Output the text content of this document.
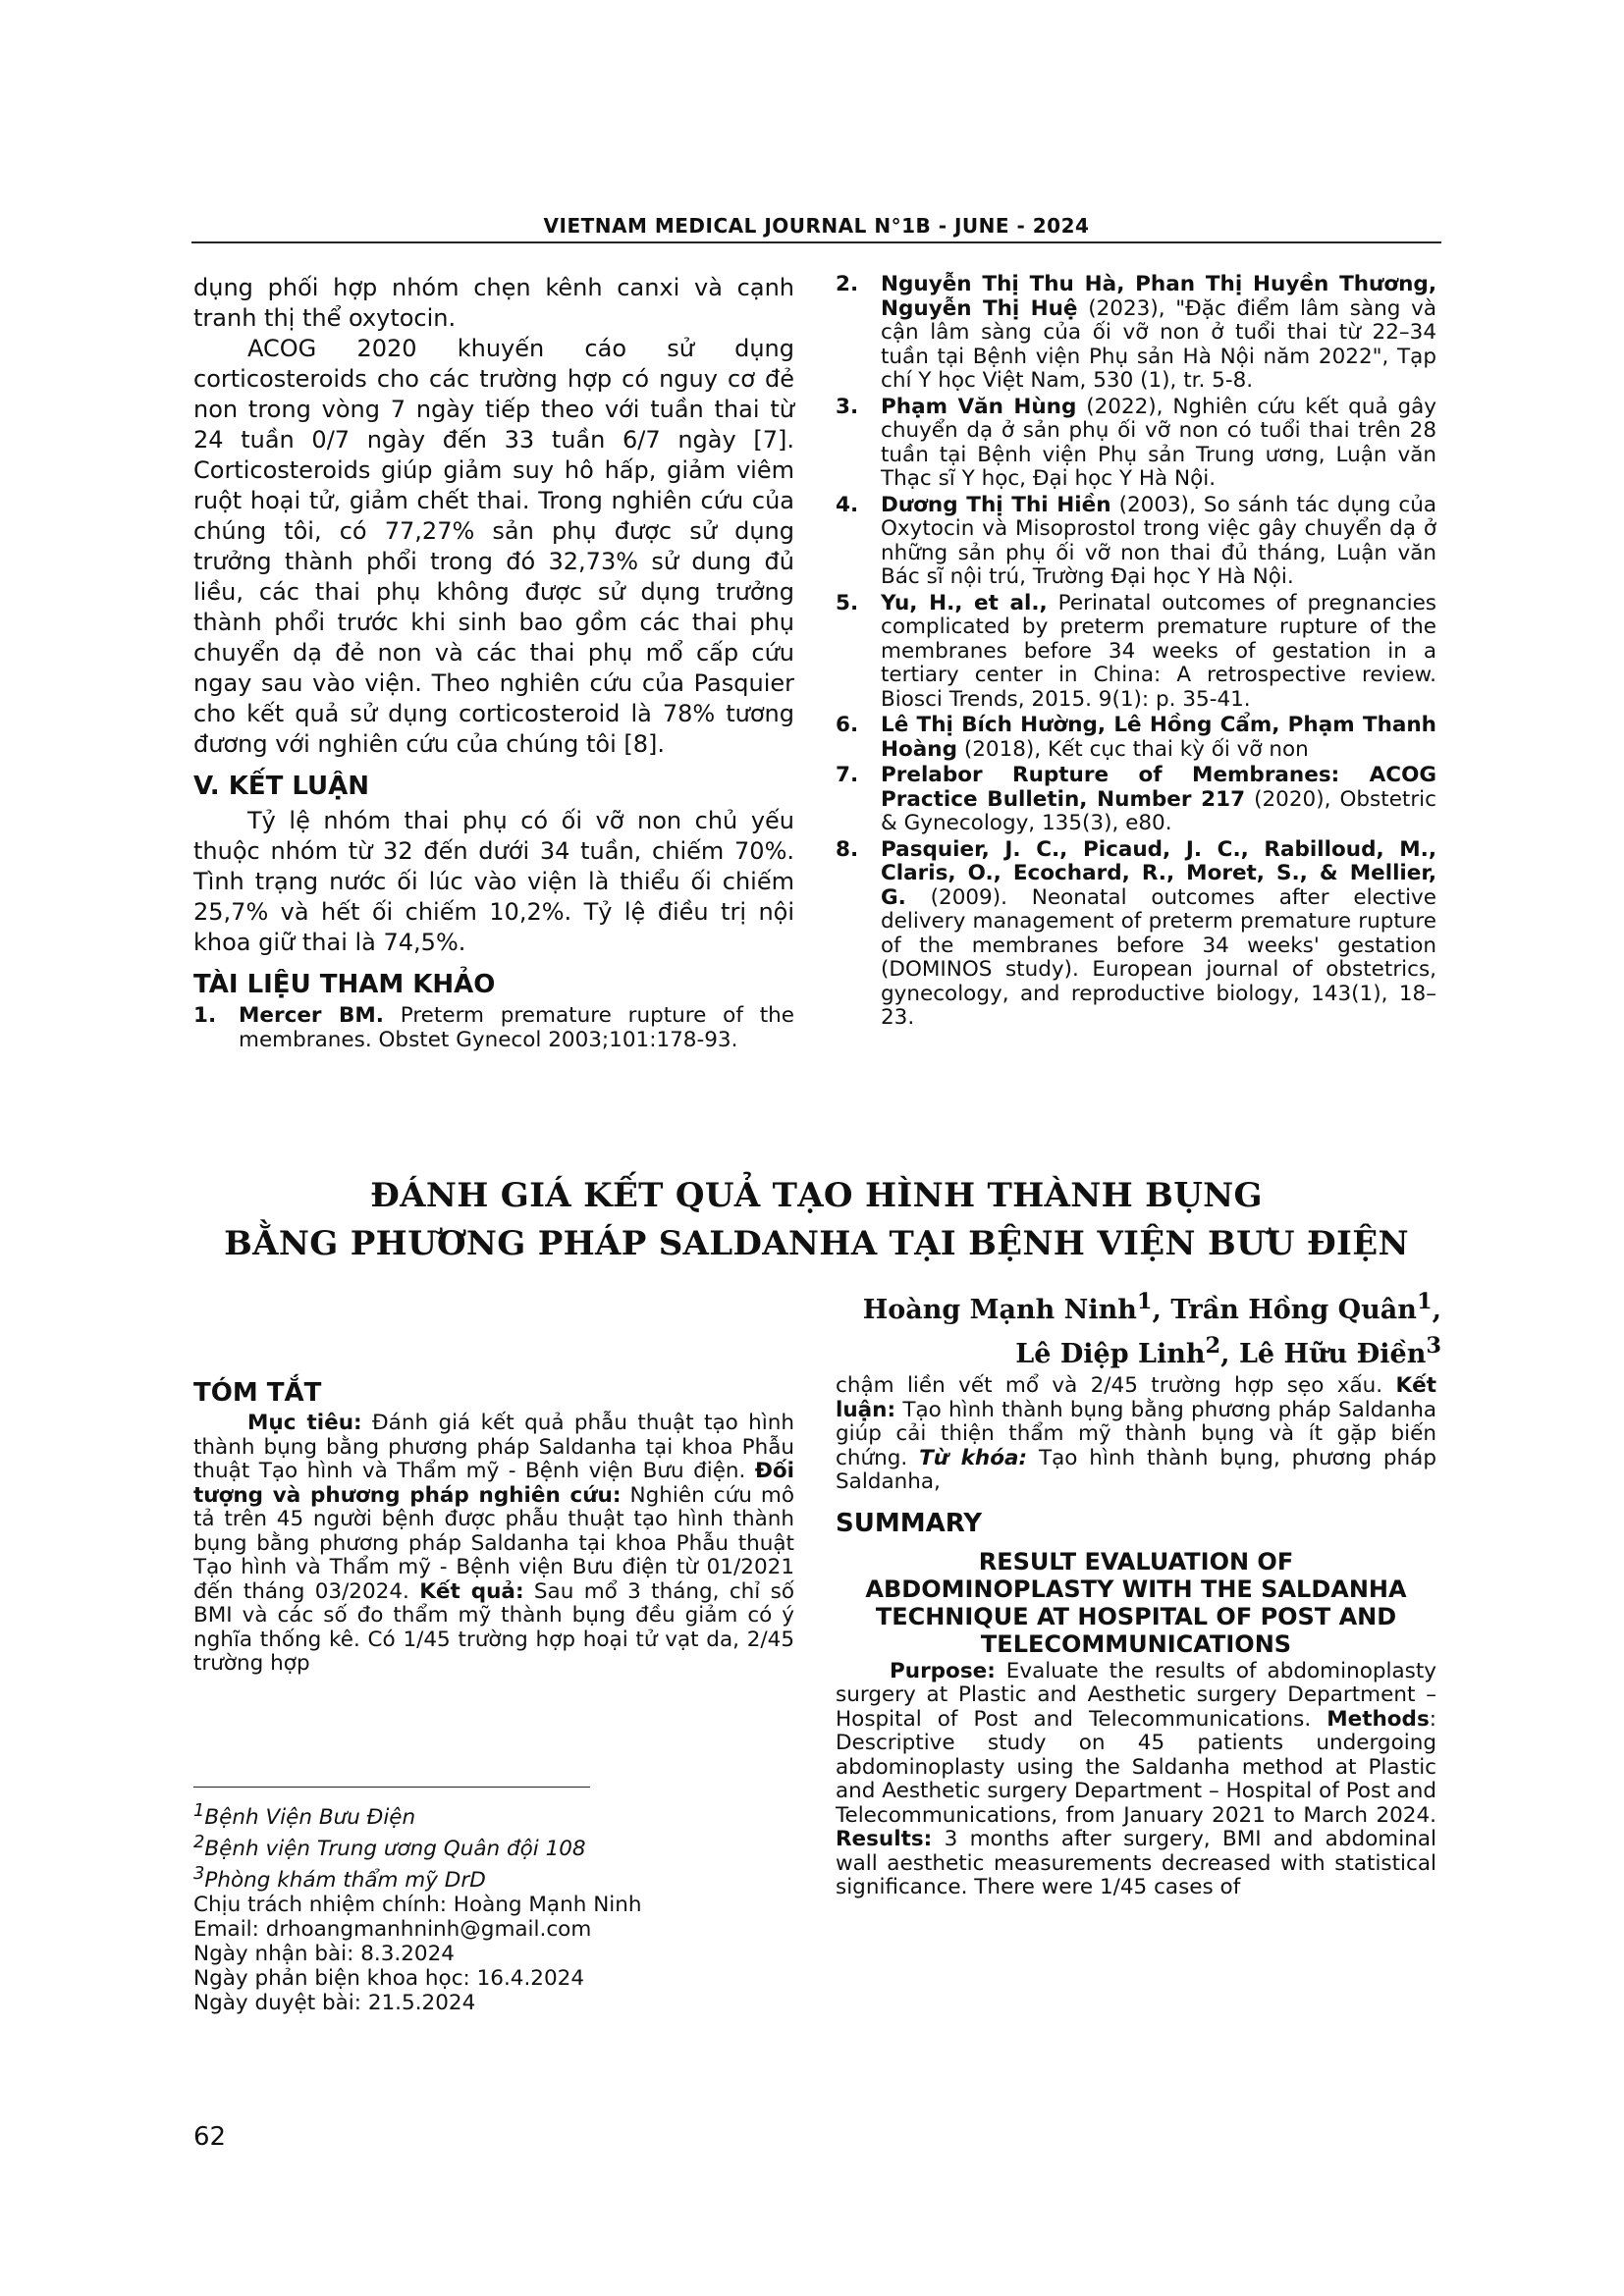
VIETNAM MEDICAL JOURNAL N°1B - JUNE - 2024

dụng phối hợp nhóm chẹn kênh canxi và cạnh tranh thị thể oxytocin.

ACOG 2020 khuyến cáo sử dụng corticosteroids cho các trường hợp có nguy cơ đẻ non trong vòng 7 ngày tiếp theo với tuần thai từ 24 tuần 0/7 ngày đến 33 tuần 6/7 ngày [7]. Corticosteroids giúp giảm suy hô hấp, giảm viêm ruột hoại tử, giảm chết thai. Trong nghiên cứu của chúng tôi, có 77,27% sản phụ được sử dụng trưởng thành phổi trong đó 32,73% sử dung đủ liều, các thai phụ không được sử dụng trưởng thành phổi trước khi sinh bao gồm các thai phụ chuyển dạ đẻ non và các thai phụ mổ cấp cứu ngay sau vào viện. Theo nghiên cứu của Pasquier cho kết quả sử dụng corticosteroid là 78% tương đương với nghiên cứu của chúng tôi [8].

V. KẾT LUẬN

Tỷ lệ nhóm thai phụ có ối vỡ non chủ yếu thuộc nhóm từ 32 đến dưới 34 tuần, chiếm 70%. Tình trạng nước ối lúc vào viện là thiểu ối chiếm 25,7% và hết ối chiếm 10,2%. Tỷ lệ điều trị nội khoa giữ thai là 74,5%.

TÀI LIỆU THAM KHẢO

1.	Mercer BM. Preterm premature rupture of the membranes. Obstet Gynecol 2003;101:178-93.
2.	Nguyễn Thị Thu Hà, Phan Thị Huyền Thương, Nguyễn Thị Huệ (2023), "Đặc điểm lâm sàng và cận lâm sàng của ối vỡ non ở tuổi thai từ 22–34 tuần tại Bệnh viện Phụ sản Hà Nội năm 2022", Tạp chí Y học Việt Nam, 530 (1), tr. 5-8.
3.	Phạm Văn Hùng (2022), Nghiên cứu kết quả gây chuyển dạ ở sản phụ ối vỡ non có tuổi thai trên 28 tuần tại Bệnh viện Phụ sản Trung ương, Luận văn Thạc sĩ Y học, Đại học Y Hà Nội.
4.	Dương Thị Thi Hiền (2003), So sánh tác dụng của Oxytocin và Misoprostol trong việc gây chuyển dạ ở những sản phụ ối vỡ non thai đủ tháng, Luận văn Bác sĩ nội trú, Trường Đại học Y Hà Nội.
5.	Yu, H., et al., Perinatal outcomes of pregnancies complicated by preterm premature rupture of the membranes before 34 weeks of gestation in a tertiary center in China: A retrospective review. Biosci Trends, 2015. 9(1): p. 35-41.
6.	Lê Thị Bích Hường, Lê Hồng Cẩm, Phạm Thanh Hoàng (2018), Kết cục thai kỳ ối vỡ non
7.	Prelabor Rupture of Membranes: ACOG Practice Bulletin, Number 217 (2020), Obstetric & Gynecology, 135(3), e80.
8.	Pasquier, J. C., Picaud, J. C., Rabilloud, M., Claris, O., Ecochard, R., Moret, S., & Mellier, G. (2009). Neonatal outcomes after elective delivery management of preterm premature rupture of the membranes before 34 weeks' gestation (DOMINOS study). European journal of obstetrics, gynecology, and reproductive biology, 143(1), 18–23.
ĐÁNH GIÁ KẾT QUẢ TẠO HÌNH THÀNH BỤNG
BẰNG PHƯƠNG PHÁP SALDANHA TẠI BỆNH VIỆN BƯU ĐIỆN
Hoàng Mạnh Ninh$^1$, Trần Hồng Quân$^1$,
Lê Diệp Linh$^2$, Lê Hữu Điền$^3$

TÓM TẮT

Mục tiêu: Đánh giá kết quả phẫu thuật tạo hình thành bụng bằng phương pháp Saldanha tại khoa Phẫu thuật Tạo hình và Thẩm mỹ - Bệnh viện Bưu điện. Đối tượng và phương pháp nghiên cứu: Nghiên cứu mô tả trên 45 người bệnh được phẫu thuật tạo hình thành bụng bằng phương pháp Saldanha tại khoa Phẫu thuật Tạo hình và Thẩm mỹ - Bệnh viện Bưu điện từ 01/2021 đến tháng 03/2024. Kết quả: Sau mổ 3 tháng, chỉ số BMI và các số đo thẩm mỹ thành bụng đều giảm có ý nghĩa thống kê. Có 1/45 trường hợp hoại tử vạt da, 2/45 trường hợp

chậm liền vết mổ và 2/45 trường hợp sẹo xấu. Kết luận: Tạo hình thành bụng bằng phương pháp Saldanha giúp cải thiện thẩm mỹ thành bụng và ít gặp biến chứng. Từ khóa: Tạo hình thành bụng, phương pháp Saldanha,

SUMMARY

RESULT EVALUATION OF
ABDOMINOPLASTY WITH THE SALDANHA
TECHNIQUE AT HOSPITAL OF POST AND
TELECOMMUNICATIONS

Purpose: Evaluate the results of abdominoplasty surgery at Plastic and Aesthetic surgery Department – Hospital of Post and Telecommunications. Methods: Descriptive study on 45 patients undergoing abdominoplasty using the Saldanha method at Plastic and Aesthetic surgery Department – Hospital of Post and Telecommunications, from January 2021 to March 2024. Results: 3 months after surgery, BMI and abdominal wall aesthetic measurements decreased with statistical significance. There were 1/45 cases of

$^1$Bệnh Viện Bưu Điện
$^2$Bệnh viện Trung ương Quân đội 108
$^3$Phòng khám thẩm mỹ DrD
Chịu trách nhiệm chính: Hoàng Mạnh Ninh
Email: drhoangmanhninh@gmail.com
Ngày nhận bài: 8.3.2024
Ngày phản biện khoa học: 16.4.2024
Ngày duyệt bài: 21.5.2024
62
